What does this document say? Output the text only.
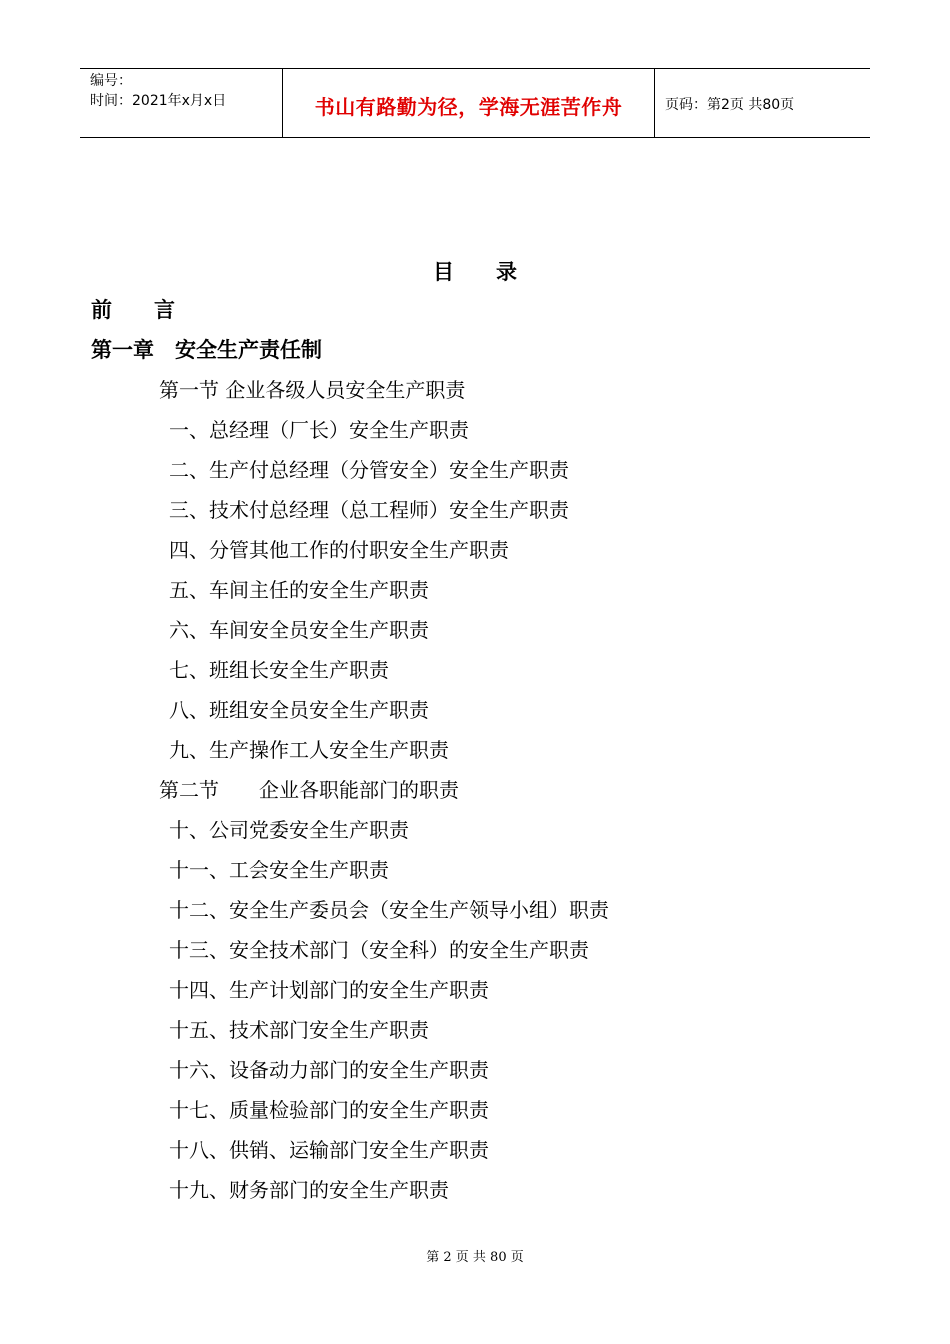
编号：
时间：2021年x月x日	书山有路勤为径，学海无涯苦作舟	页码：第2页 共80页
目 录
前　　言
第一章　安全生产责任制
第一节 企业各级人员安全生产职责
一、总经理（厂长）安全生产职责
二、生产付总经理（分管安全）安全生产职责
三、技术付总经理（总工程师）安全生产职责
四、分管其他工作的付职安全生产职责
五、车间主任的安全生产职责
六、车间安全员安全生产职责
七、班组长安全生产职责
八、班组安全员安全生产职责
九、生产操作工人安全生产职责
第二节　　企业各职能部门的职责
十、公司党委安全生产职责
十一、工会安全生产职责
十二、安全生产委员会（安全生产领导小组）职责
十三、安全技术部门（安全科）的安全生产职责
十四、生产计划部门的安全生产职责
十五、技术部门安全生产职责
十六、设备动力部门的安全生产职责
十七、质量检验部门的安全生产职责
十八、供销、运输部门安全生产职责
十九、财务部门的安全生产职责
第 2 页 共 80 页
